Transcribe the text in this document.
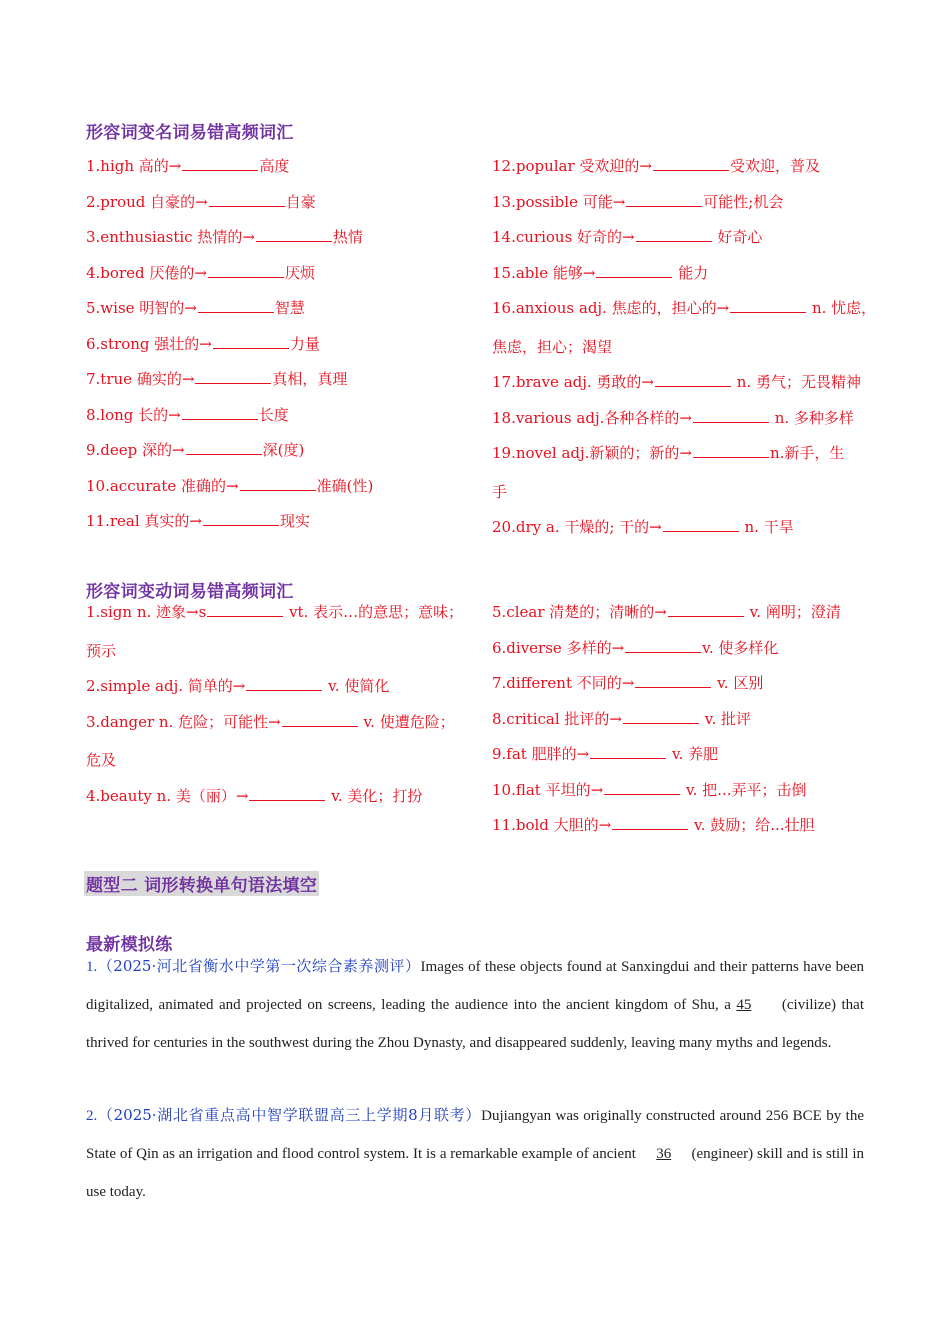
形容词变名词易错高频词汇
1.high 高的→	高度
2.proud 自豪的→	自豪
3.enthusiastic 热情的→	热情
4.bored 厌倦的→	厌烦
5.wise 明智的→	智慧
6.strong 强壮的→	力量
7.true 确实的→	真相，真理
8.long 长的→	长度
9.deep 深的→	深(度)
10.accurate 准确的→	准确(性)
11.real 真实的→	现实
12.popular 受欢迎的→	受欢迎，普及
13.possible 可能→	可能性;机会
14.curious 好奇的→	好奇心
15.able 能够→	能力
16.anxious adj. 焦虑的，担心的→	n. 忧虑，
焦虑，担心；渴望
17.brave adj. 勇敢的→	n. 勇气；无畏精神
18.various adj.各种各样的→	n. 多种多样
19.novel adj.新颖的；新的→	n.新手，生
手
20.dry a. 干燥的; 干的→	n. 干旱
形容词变动词易错高频词汇
1.sign n. 迹象→s	vt. 表示…的意思；意味；
预示
2.simple adj. 简单的→	v. 使简化
3.danger n. 危险；可能性→	v. 使遭危险；
危及
4.beauty n. 美（丽）→	v. 美化；打扮
5.clear 清楚的；清晰的→	v. 阐明；澄清
6.diverse 多样的→	v. 使多样化
7.different 不同的→	v. 区别
8.critical 批评的→	v. 批评
9.fat 肥胖的→	v. 养肥
10.flat 平坦的→	v. 把...弄平；击倒
11.bold 大胆的→	v. 鼓励；给...壮胆
题型二 词形转换单句语法填空
最新模拟练
1.（2025·河北省衡水中学第一次综合素养测评）Images of these objects found at Sanxingdui and their patterns have been digitalized, animated and projected on screens, leading the audience into the ancient kingdom of Shu, a 45 (civilize) that thrived for centuries in the southwest during the Zhou Dynasty, and disappeared suddenly, leaving many myths and legends.
2.（2025·湖北省重点高中智学联盟高三上学期8月联考）Dujiangyan was originally constructed around 256 BCE by the State of Qin as an irrigation and flood control system. It is a remarkable example of ancient 36 (engineer) skill and is still in use today.
